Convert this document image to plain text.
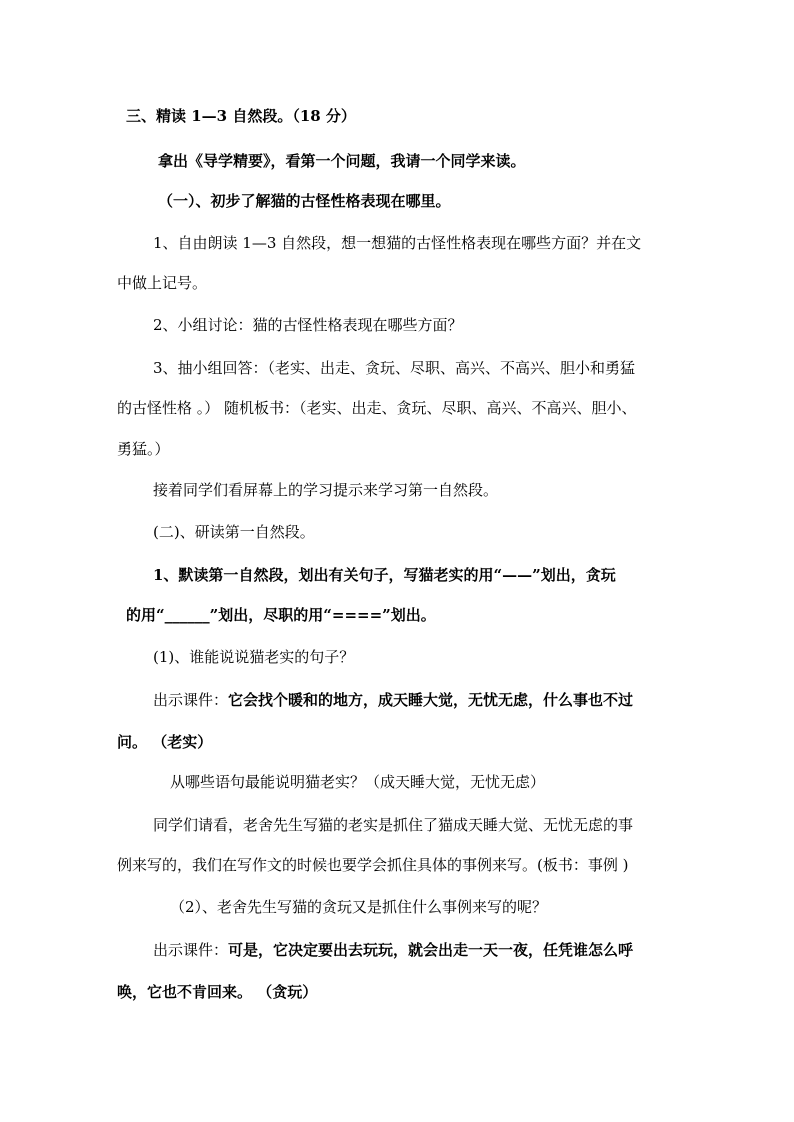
三、精读 1—3 自然段。（18 分）
拿出《导学精要》，看第一个问题，我请一个同学来读。
（一）、初步了解猫的古怪性格表现在哪里。
1、自由朗读 1—3 自然段，想一想猫的古怪性格表现在哪些方面？并在文
中做上记号。
2、小组讨论：猫的古怪性格表现在哪些方面？
3、抽小组回答：（老实、出走、贪玩、尽职、高兴、不高兴、胆小和勇猛
的古怪性格 。） 随机板书：（老实、出走、贪玩、尽职、高兴、不高兴、胆小、
勇猛。）
接着同学们看屏幕上的学习提示来学习第一自然段。
(二)、研读第一自然段。
1、默读第一自然段，划出有关句子，写猫老实的用“——”划出，贪玩
的用“______”划出，尽职的用“====”划出。
(1)、谁能说说猫老实的句子？
出示课件：它会找个暖和的地方，成天睡大觉，无忧无虑，什么事也不过
问。 （老实）
从哪些语句最能说明猫老实？（成天睡大觉，无忧无虑）
同学们请看，老舍先生写猫的老实是抓住了猫成天睡大觉、无忧无虑的事
例来写的，我们在写作文的时候也要学会抓住具体的事例来写。(板书：事例 )
（2）、老舍先生写猫的贪玩又是抓住什么事例来写的呢？
出示课件：可是，它决定要出去玩玩，就会出走一天一夜，任凭谁怎么呼
唤，它也不肯回来。 （贪玩）
